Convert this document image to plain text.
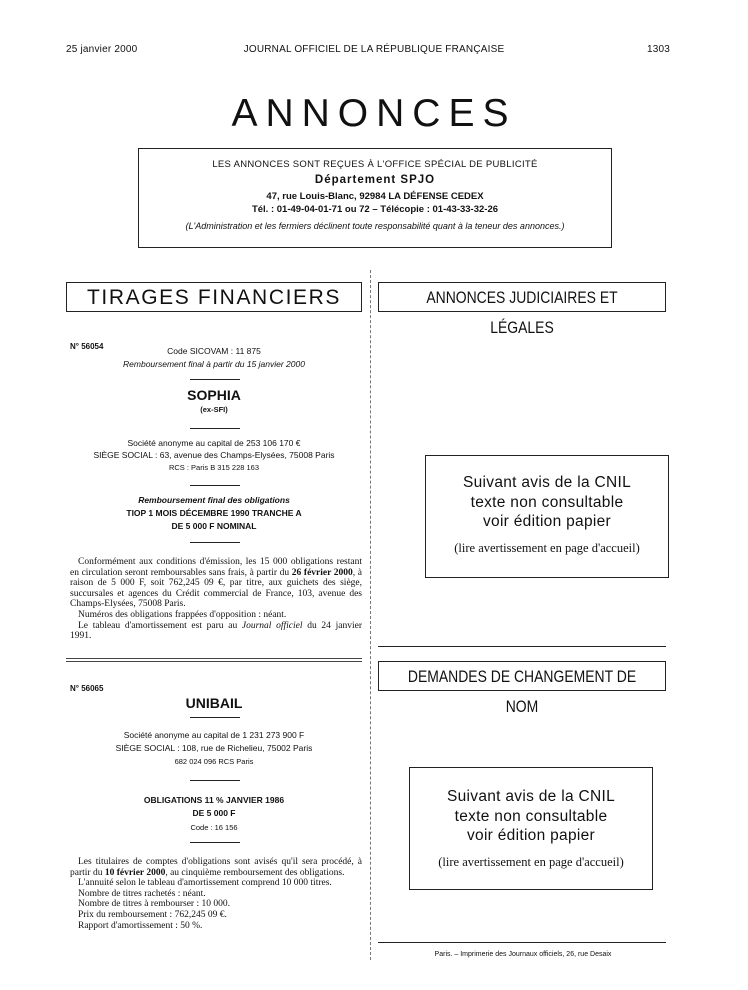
25 janvier 2000	JOURNAL OFFICIEL DE LA RÉPUBLIQUE FRANÇAISE	1303
ANNONCES
LES ANNONCES SONT REÇUES À L'OFFICE SPÉCIAL DE PUBLICITÉ
Département SPJO
47, rue Louis-Blanc, 92984 LA DÉFENSE CEDEX
Tél. : 01-49-04-01-71 ou 72 – Télécopie : 01-43-33-32-26
(L'Administration et les fermiers déclinent toute responsabilité quant à la teneur des annonces.)
TIRAGES FINANCIERS
N° 56054	Code SICOVAM : 11 875
Remboursement final à partir du 15 janvier 2000
SOPHIA
(ex-SFI)
Société anonyme au capital de 253 106 170 €
SIÈGE SOCIAL : 63, avenue des Champs-Elysées, 75008 Paris
RCS : Paris B 315 228 163
Remboursement final des obligations
TIOP 1 MOIS DÉCEMBRE 1990 TRANCHE A
DE 5 000 F NOMINAL

Conformément aux conditions d'émission, les 15 000 obligations restant en circulation seront remboursables sans frais, à partir du 26 février 2000, à raison de 5 000 F, soit 762,245 09 €, par titre, aux guichets des siège, succursales et agences du Crédit commercial de France, 103, avenue des Champs-Elysées, 75008 Paris.

Numéros des obligations frappées d'opposition : néant.

Le tableau d'amortissement est paru au Journal officiel du 24 janvier 1991.

N° 56065
UNIBAIL
Société anonyme au capital de 1 231 273 900 F
SIÈGE SOCIAL : 108, rue de Richelieu, 75002 Paris
682 024 096 RCS Paris
OBLIGATIONS 11 % JANVIER 1986
DE 5 000 F
Code : 16 156

Les titulaires de comptes d'obligations sont avisés qu'il sera procédé, à partir du 10 février 2000, au cinquième remboursement des obligations.

L'annuité selon le tableau d'amortissement comprend 10 000 titres.

Nombre de titres rachetés : néant.

Nombre de titres à rembourser : 10 000.

Prix du remboursement : 762,245 09 €.

Rapport d'amortissement : 50 %.

ANNONCES JUDICIAIRES ET LÉGALES
Suivant avis de la CNIL
texte non consultable
voir édition papier
(lire avertissement en page d'accueil)
DEMANDES DE CHANGEMENT DE NOM
Suivant avis de la CNIL
texte non consultable
voir édition papier
(lire avertissement en page d'accueil)
Paris. – Imprimerie des Journaux officiels, 26, rue Desaix
